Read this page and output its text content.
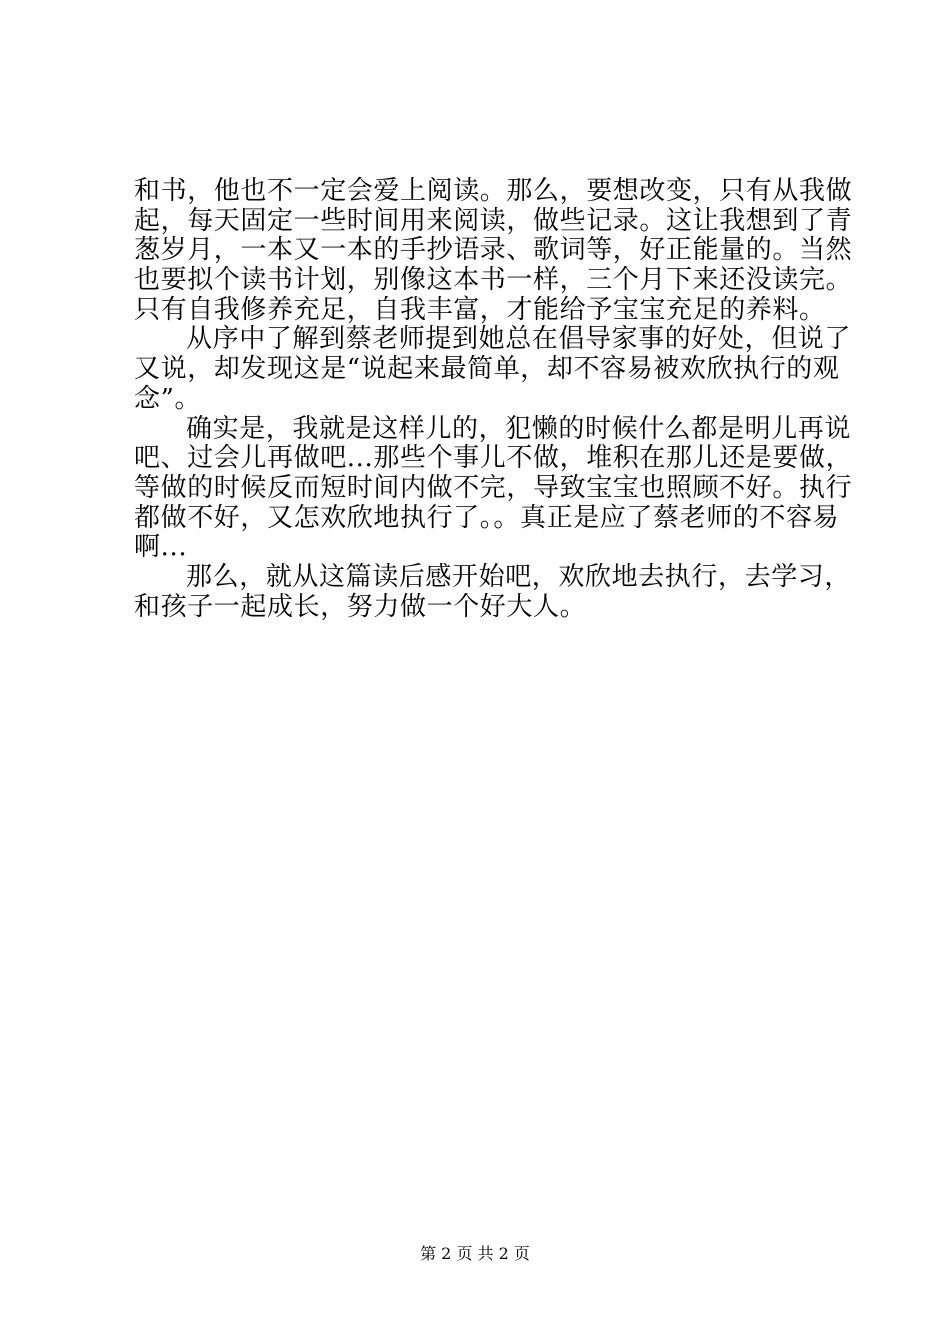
和书，他也不一定会爱上阅读。那么，要想改变，只有从我做
起，每天固定一些时间用来阅读，做些记录。这让我想到了青
葱岁月，一本又一本的手抄语录、歌词等，好正能量的。当然
也要拟个读书计划，别像这本书一样，三个月下来还没读完。
只有自我修养充足，自我丰富，才能给予宝宝充足的养料。
从序中了解到蔡老师提到她总在倡导家事的好处，但说了
又说，却发现这是“说起来最简单，却不容易被欢欣执行的观
念”。
确实是，我就是这样儿的，犯懒的时候什么都是明儿再说
吧、过会儿再做吧...那些个事儿不做，堆积在那儿还是要做，
等做的时候反而短时间内做不完，导致宝宝也照顾不好。执行
都做不好，又怎欢欣地执行了。。真正是应了蔡老师的不容易
啊...
那么，就从这篇读后感开始吧，欢欣地去执行，去学习，
和孩子一起成长，努力做一个好大人。
第 2 页 共 2 页
